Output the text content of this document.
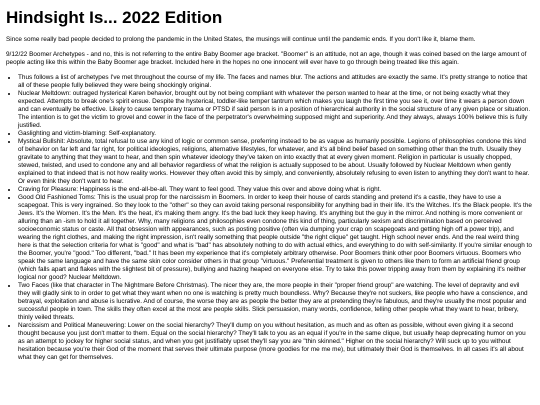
Hindsight Is... 2022 Edition

Since some really bad people decided to prolong the pandemic in the United States, the musings will continue until the pandemic ends. If you don't like it, blame them.

9/12/22 Boomer Archetypes - and no, this is not referring to the entire Baby Boomer age bracket. "Boomer" is an attitude, not an age, though it was coined based on the large amount of people acting like this within the Baby Boomer age bracket. Included here in the hopes no one innocent will ever have to go through being treated like this again.

• Thus follows a list of archetypes I've met throughout the course of my life. The faces and names blur. The actions and attitudes are exactly the same. It's pretty strange to notice that all of these people fully believed they were being shockingly original.
• Nuclear Meltdown: outraged hysterical Karen behavior, brought out by not being compliant with whatever the person wanted to hear at the time, or not being exactly what they expected. Attempts to break one's spirit ensue. Despite the hysterical, toddler-like temper tantrum which makes you laugh the first time you see it, over time it wears a person down and can eventually be effective. Likely to cause temporary trauma or PTSD if said person is in a position of hierarchical authority in the social structure of any given place or situation. The intention is to get the victim to grovel and cower in the face of the perpetrator's overwhelming supposed might and superiority. And they always, always 100% believe this is fully justified.
• Gaslighting and victim-blaming: Self-explanatory.
• Mystical Bullshit: Absolute, total refusal to use any kind of logic or common sense, preferring instead to be as vague as humanly possible. Legions of philosophies condone this kind of behavior on far left and far right, for political ideologies, religions, alternative lifestyles, for whatever, and it's all blind belief based on something other than the truth. Usually they gravitate to anything that they want to hear, and then spin whatever ideology they've taken on into exactly that at every given moment. Religion in particular is usually chopped, stewed, twisted, and used to condone any and all behavior regardless of what the religion is actually supposed to be about. Usually followed by Nuclear Meltdown when gently explained to that indeed that is not how reality works. However they often avoid this by simply, and conveniently, absolutely refusing to even listen to anything they don't want to hear. Or even think they don't want to hear.
• Craving for Pleasure: Happiness is the end-all-be-all. They want to feel good. They value this over and above doing what is right.
• Good Old Fashioned Toms: This is the usual prop for the narcissism in Boomers. In order to keep their house of cards standing and pretend it's a castle, they have to use a scapegoat. This is very ingrained. So they look to the "other" so they can avoid taking personal responsibility for anything bad in their life. It's the Witches. It's the Black people. It's the Jews. It's the Women. It's the Men. It's the heat, it's making them angry. It's the bad luck they keep having. It's anything but the guy in the mirror. And nothing is more convenient or alluring than an -ism to hold it all together. Why, many religions and philosophies even condone this kind of thing, particularly sexism and discrimination based on perceived socioeconomic status or caste. All that obsession with appearances, such as posting positive (often via dumping your crap on scapegoats and getting high off a power trip), and wearing the right clothes, and making the right impression, isn't really something that people outside "the right clique" get taught. High school never ends. And the real weird thing here is that the selection criteria for what is "good" and what is "bad" has absolutely nothing to do with actual ethics, and everything to do with self-similarity. If you're similar enough to the Boomer, you're "good." Too different, "bad." It has been my experience that it's completely arbitrary otherwise. Poor Boomers think other poor Boomers virtuous. Boomers who speak the same language and have the same skin color consider others in that group "virtuous." Preferential treatment is given to others like them to form an artificial friend group (which falls apart and flakes with the slightest bit of pressure), bullying and hazing heaped on everyone else. Try to take this power tripping away from them by explaining it's neither logical nor good? Nuclear Meltdown.
• Two Faces (like that character in The Nightmare Before Christmas). The nicer they are, the more people in their "proper friend group" are watching. The level of depravity and evil they will gladly sink to in order to get what they want when no one is watching is pretty much boundless. Why? Because they're not suckers, like people who have a conscience, and betrayal, exploitation and abuse is lucrative. And of course, the worse they are as people the better they are at pretending they're fabulous, and they're usually the most popular and successful people in town. The skills they often excel at the most are people skills. Slick persuasion, many words, confidence, telling other people what they want to hear, bribery, thinly veiled threats.
• Narcissism and Political Maneuvering: Lower on the social hierarchy? They'll dump on you without hesitation, as much and as often as possible, without even giving it a second thought because you just don't matter to them. Equal on the social hierarchy? They'll talk to you as an equal if you're in the same clique, but usually heap deprecating humor on you as an attempt to jockey for higher social status, and when you get justifiably upset they'll say you are "thin skinned." Higher on the social hierarchy? Will suck up to you without hesitation because you're their God of the moment that serves their ultimate purpose (more goodies for me me me), but ultimately their God is themselves. In all cases it's all about what they can get for themselves.
